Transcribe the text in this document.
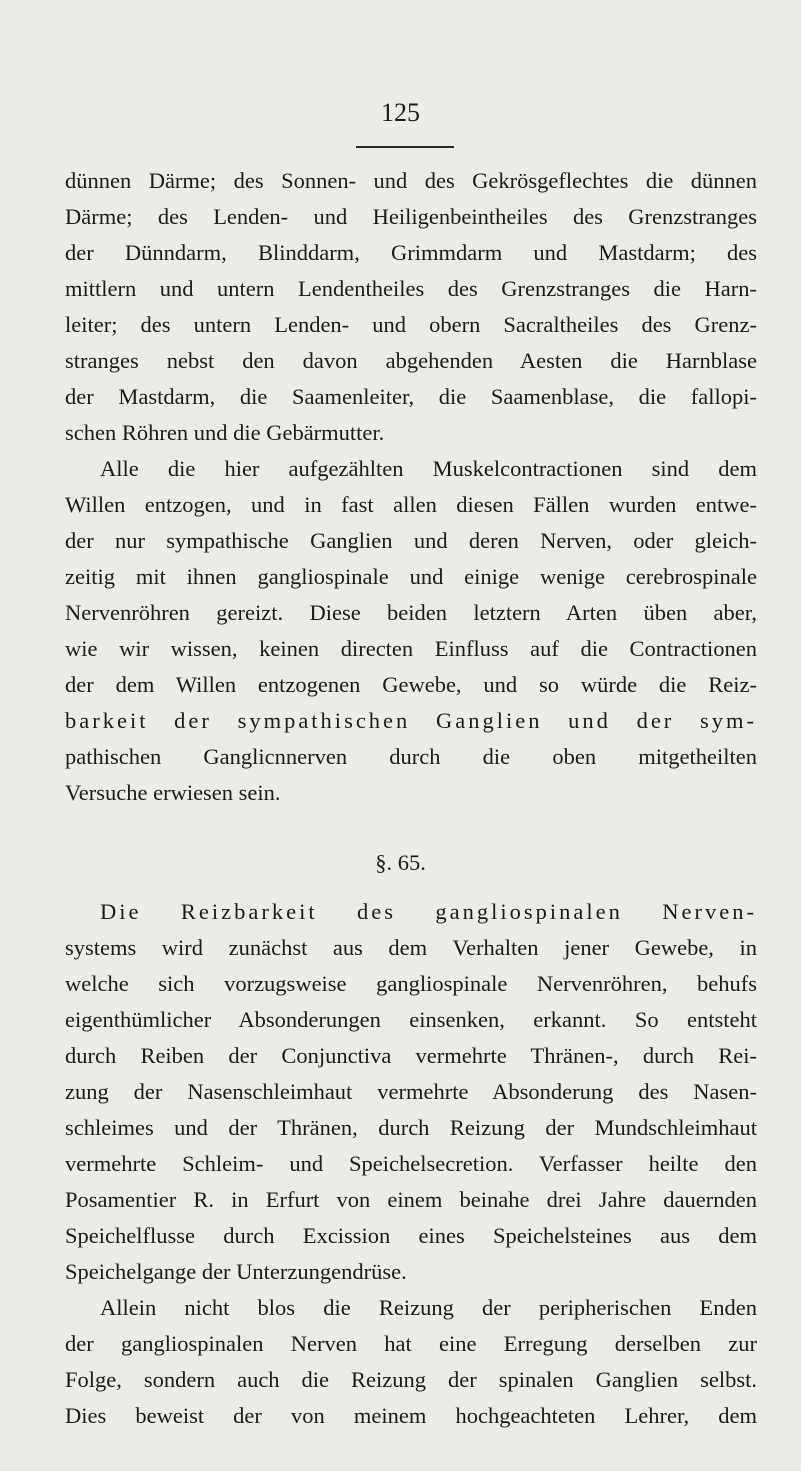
125
dünnen Därme; des Sonnen- und des Gekrösgeflechtes die dünnen
Därme; des Lenden- und Heiligenbeintheiles des Grenzstranges
der Dünndarm, Blinddarm, Grimmdarm und Mastdarm; des
mittlern und untern Lendentheiles des Grenzstranges die Harn-
leiter; des untern Lenden- und obern Sacraltheiles des Grenz-
stranges nebst den davon abgehenden Aesten die Harnblase
der Mastdarm, die Saamenleiter, die Saamenblase, die fallopi-
schen Röhren und die Gebärmutter.
Alle die hier aufgezählten Muskelcontractionen sind dem
Willen entzogen, und in fast allen diesen Fällen wurden entwe-
der nur sympathische Ganglien und deren Nerven, oder gleich-
zeitig mit ihnen gangliospinale und einige wenige cerebrospinale
Nervenröhren gereizt. Diese beiden letztern Arten üben aber,
wie wir wissen, keinen directen Einfluss auf die Contractionen
der dem Willen entzogenen Gewebe, und so würde die Reiz-
barkeit der sympathischen Ganglien und der sym-
pathischen Ganglicnnerven durch die oben mitgetheilten
Versuche erwiesen sein.
§. 65.
Die Reizbarkeit des gangliospinalen Nerven-
systems wird zunächst aus dem Verhalten jener Gewebe, in
welche sich vorzugsweise gangliospinale Nervenröhren, behufs
eigenthümlicher Absonderungen einsenken, erkannt. So entsteht
durch Reiben der Conjunctiva vermehrte Thränen-, durch Rei-
zung der Nasenschleimhaut vermehrte Absonderung des Nasen-
schleimes und der Thränen, durch Reizung der Mundschleimhaut
vermehrte Schleim- und Speichelsecretion. Verfasser heilte den
Posamentier R. in Erfurt von einem beinahe drei Jahre dauernden
Speichelflusse durch Excission eines Speichelsteines aus dem
Speichelgange der Unterzungendrüse.
Allein nicht blos die Reizung der peripherischen Enden
der gangliospinalen Nerven hat eine Erregung derselben zur
Folge, sondern auch die Reizung der spinalen Ganglien selbst.
Dies beweist der von meinem hochgeachteten Lehrer, dem
